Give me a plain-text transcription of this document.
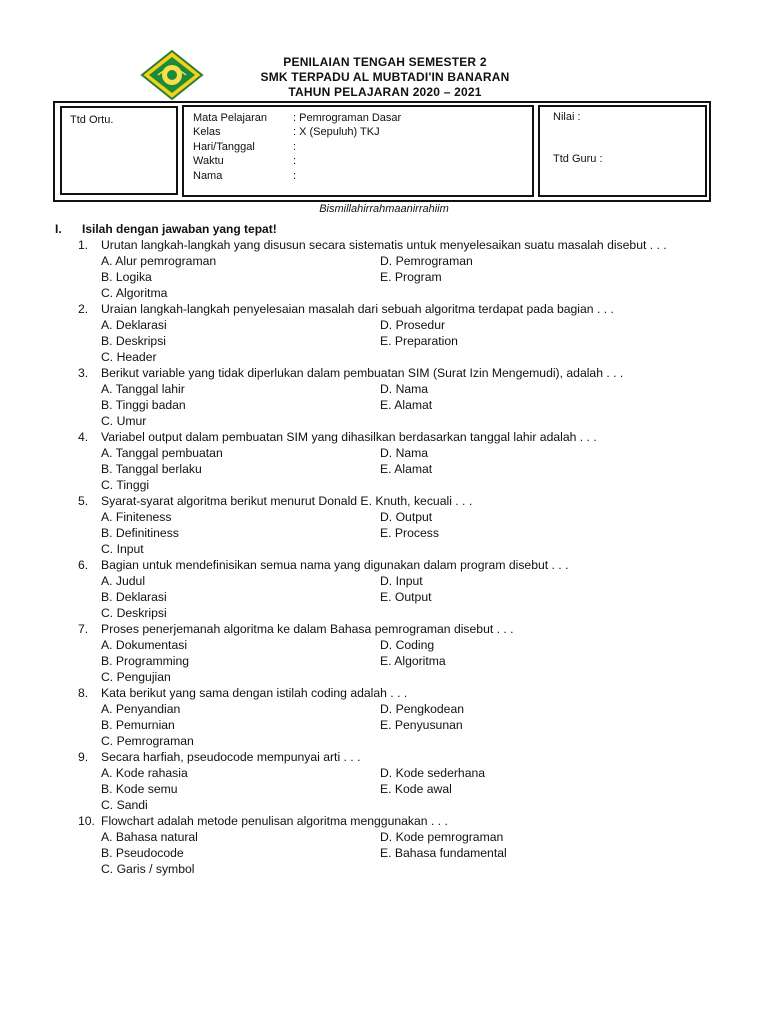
PENILAIAN TENGAH SEMESTER 2
SMK TERPADU AL MUBTADI'IN BANARAN
TAHUN PELAJARAN 2020 – 2021
Ttd Ortu.	Mata Pelajaran	: Pemrograman Dasar
Kelas	: X (Sepuluh) TKJ
Hari/Tanggal	:
Waktu	:
Nama	:
Nilai :
Ttd Guru :
Bismillahirrahmaanirrahiim
I.	Isilah dengan jawaban yang tepat!
1.	Urutan langkah-langkah yang disusun secara sistematis untuk menyelesaikan suatu masalah disebut . . .
A. Alur pemrograman	D. Pemrograman
B. Logika	E. Program
C. Algoritma
2.	Uraian langkah-langkah penyelesaian masalah dari sebuah algoritma terdapat pada bagian . . .
A. Deklarasi	D. Prosedur
B. Deskripsi	E. Preparation
C. Header
3.	Berikut variable yang tidak diperlukan dalam pembuatan SIM (Surat Izin Mengemudi), adalah . . .
A. Tanggal lahir	D. Nama
B. Tinggi badan	E. Alamat
C. Umur
4.	Variabel output dalam pembuatan SIM yang dihasilkan berdasarkan tanggal lahir adalah . . .
A. Tanggal pembuatan	D. Nama
B. Tanggal berlaku	E. Alamat
C. Tinggi
5.	Syarat-syarat algoritma berikut menurut Donald E. Knuth, kecuali . . .
A. Finiteness	D. Output
B. Definitiness	E. Process
C. Input
6.	Bagian untuk mendefinisikan semua nama yang digunakan dalam program disebut . . .
A. Judul	D. Input
B. Deklarasi	E. Output
C. Deskripsi
7.	Proses penerjemanah algoritma ke dalam Bahasa pemrograman disebut . . .
A. Dokumentasi	D. Coding
B. Programming	E. Algoritma
C. Pengujian
8.	Kata berikut yang sama dengan istilah coding adalah . . .
A. Penyandian	D. Pengkodean
B. Pemurnian	E. Penyusunan
C. Pemrograman
9.	Secara harfiah, pseudocode mempunyai arti . . .
A. Kode rahasia	D. Kode sederhana
B. Kode semu	E. Kode awal
C. Sandi
10. Flowchart adalah metode penulisan algoritma menggunakan . . .
A. Bahasa natural	D. Kode pemrograman
B. Pseudocode	E. Bahasa fundamental
C. Garis / symbol
